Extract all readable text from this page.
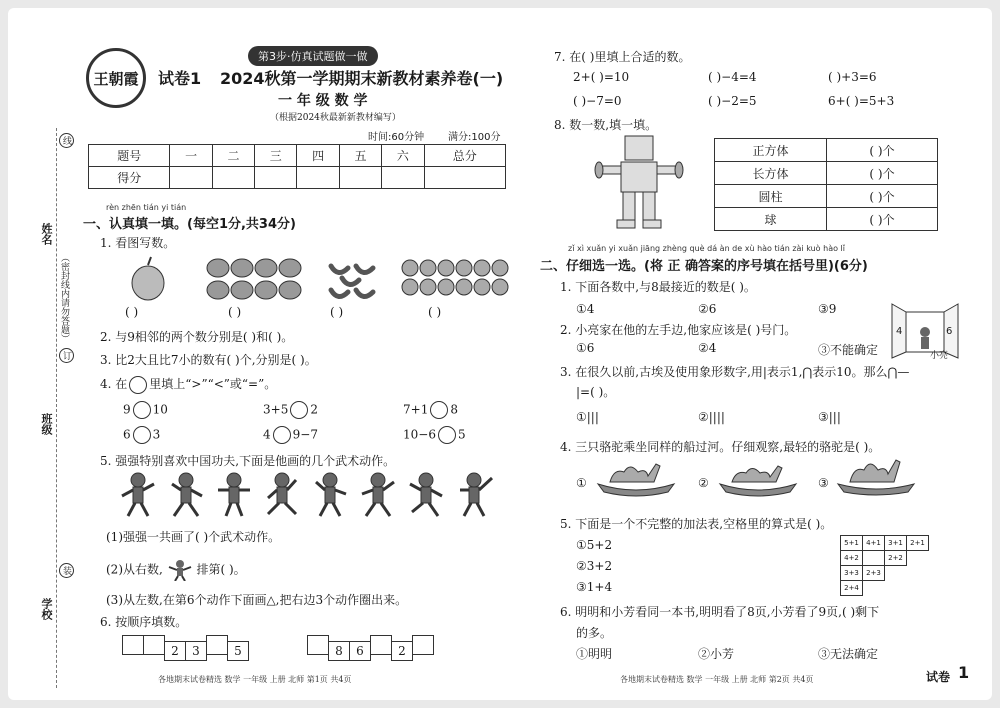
姓名
班级
学校
（密封线内请勿答题）
线
订
装
王朝霞
第3步·仿真试题做一做
试卷1 2024秋第一学期期末新教材素养卷(一)
一 年 级 数 学
（根据2024秋最新新教材编写）
时间:60分钟 满分:100分
题号	一	二	三	四	五	六	总分
得分							
rèn zhēn tián yi tián
一、认真填一填。(每空1分,共34分)
1. 看图写数。
( )	( )	( )	( )
2. 与9相邻的两个数分别是( )和( )。
3. 比2大且比7小的数有( )个,分别是( )。
4. 在 里填上“>”“<”或“=”。
9 10	3+5 2	7+1 8
6 3	4 9−7	10−6 5
5. 强强特别喜欢中国功夫,下面是他画的几个武术动作。
(1)强强一共画了( )个武术动作。
(2)从右数,	排第( )。
(3)从左数,在第6个动作下面画△,把右边3个动作圈出来。
6. 按顺序填数。
2 3	5	8 6	2
各地期末试卷精选 数学 一年级 上册 北师 第1页 共4页
7. 在( )里填上合适的数。
2+( )=10	( )−4=4	( )+3=6
( )−7=0	( )−2=5	6+( )=5+3
8. 数一数,填一填。
正方体	( )个
长方体	( )个
圆柱	( )个
球	( )个
zǐ xì xuǎn yi xuǎn jiāng zhèng què dá àn de xù hào tián zài kuò hào lǐ
二、仔细选一选。(将 正 确答案的序号填在括号里)(6分)
1. 下面各数中,与8最接近的数是( )。
①4	②6	③9
4	6
小亮
2. 小亮家在他的左手边,他家应该是( )号门。
①6	②4	③不能确定
3. 在很久以前,古埃及使用象形数字,用|表示1,⋂表示10。那么⋂—
|=( )。
①|||	②||||	③|||
4. 三只骆驼乘坐同样的船过河。仔细观察,最轻的骆驼是( )。
①	②	③
5. 下面是一个不完整的加法表,空格里的算式是( )。
①5+2
②3+2
③1+4
5+1	4+1	3+1	2+1
4+2		2+2	
3+3	2+3		
2+4			
6. 明明和小芳看同一本书,明明看了8页,小芳看了9页,( )剩下
的多。
①明明	②小芳	③无法确定
各地期末试卷精选 数学 一年级 上册 北师 第2页 共4页	试卷 1
